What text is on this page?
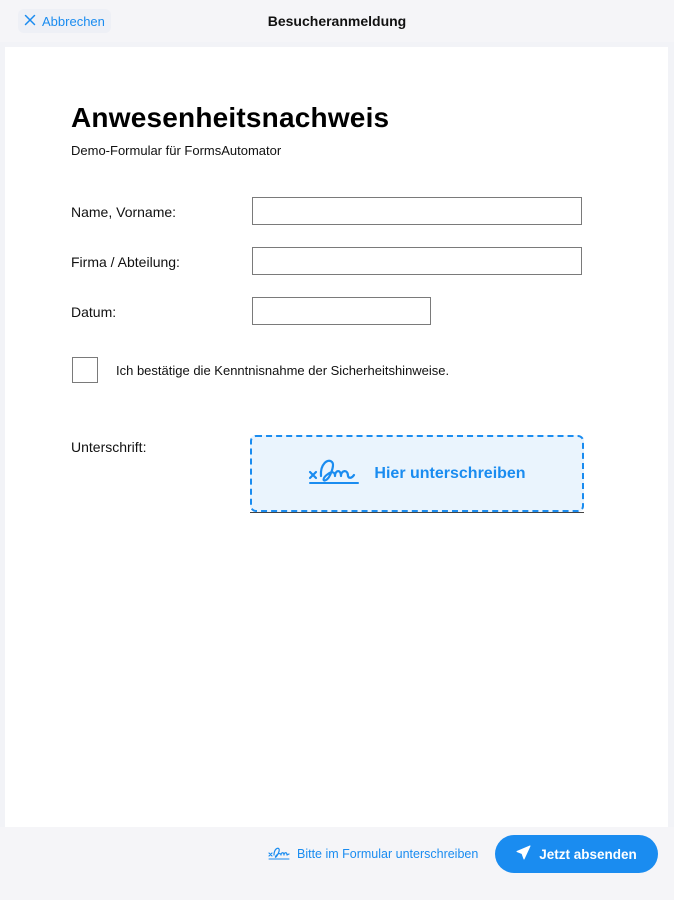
Abbrechen	Besucheranmeldung
Anwesenheitsnachweis
Demo-Formular für FormsAutomator
Name, Vorname:
Firma / Abteilung:
Datum:
Ich bestätige die Kenntnisnahme der Sicherheitshinweise.
Unterschrift:
Hier unterschreiben
Bitte im Formular unterschreiben	Jetzt absenden
